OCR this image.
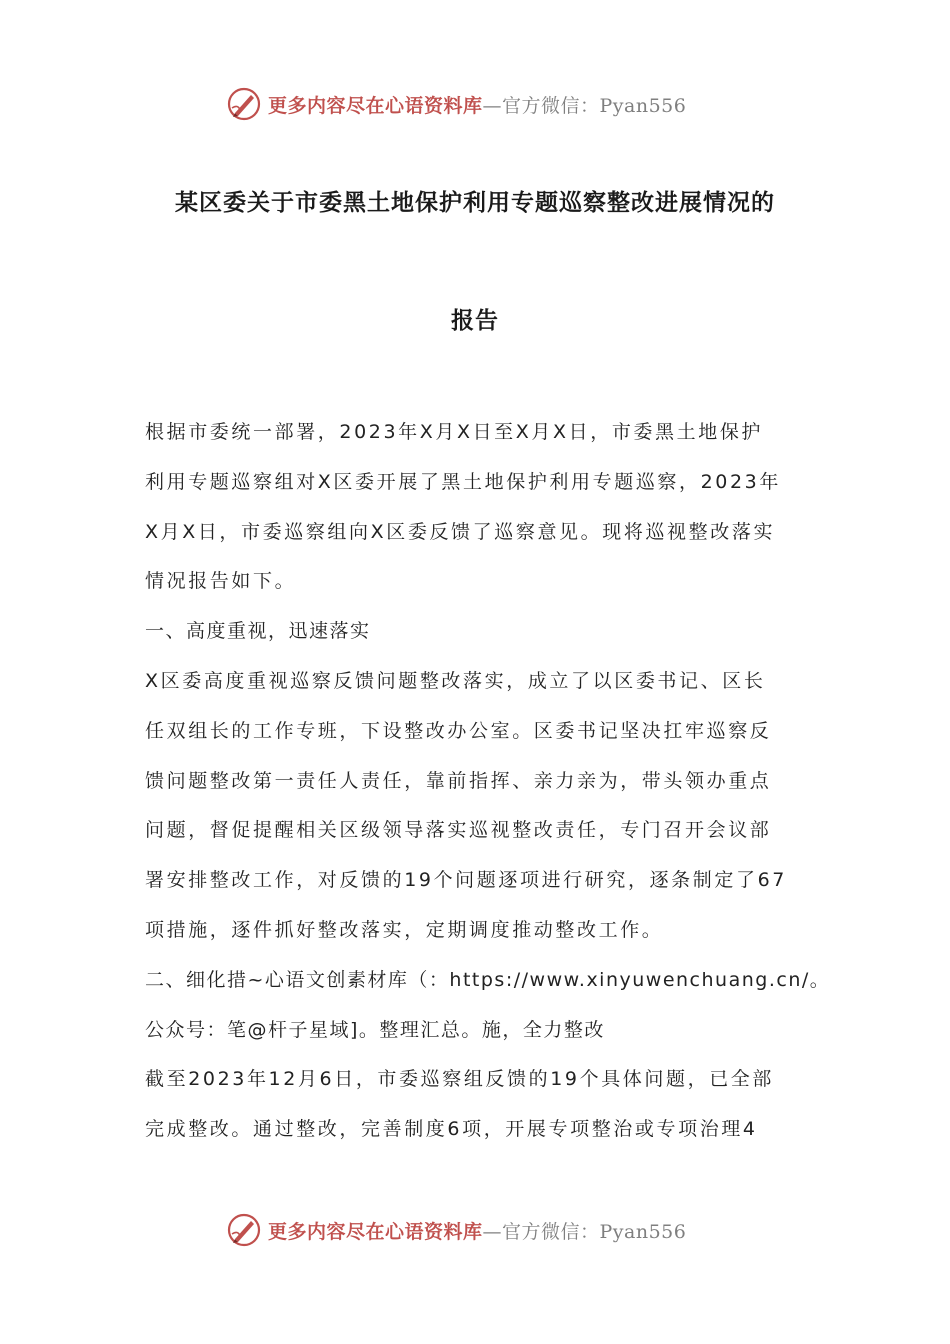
更多内容尽在心语资料库—官方微信：Pyan556
某区委关于市委黑土地保护利用专题巡察整改进展情况的
报告
根据市委统一部署，2023年X月X日至X月X日，市委黑土地保护
利用专题巡察组对X区委开展了黑土地保护利用专题巡察，2023年
X月X日，市委巡察组向X区委反馈了巡察意见。现将巡视整改落实
情况报告如下。
一、高度重视，迅速落实
X区委高度重视巡察反馈问题整改落实，成立了以区委书记、区长
任双组长的工作专班，下设整改办公室。区委书记坚决扛牢巡察反
馈问题整改第一责任人责任，靠前指挥、亲力亲为，带头领办重点
问题，督促提醒相关区级领导落实巡视整改责任，专门召开会议部
署安排整改工作，对反馈的19个问题逐项进行研究，逐条制定了67
项措施，逐件抓好整改落实，定期调度推动整改工作。
二、细化措~心语文创素材库（：https://www.xinyuwenchuang.cn/。
公众号：笔@杆子星域]。整理汇总。施，全力整改
截至2023年12月6日，市委巡察组反馈的19个具体问题，已全部
完成整改。通过整改，完善制度6项，开展专项整治或专项治理4
更多内容尽在心语资料库—官方微信：Pyan556
